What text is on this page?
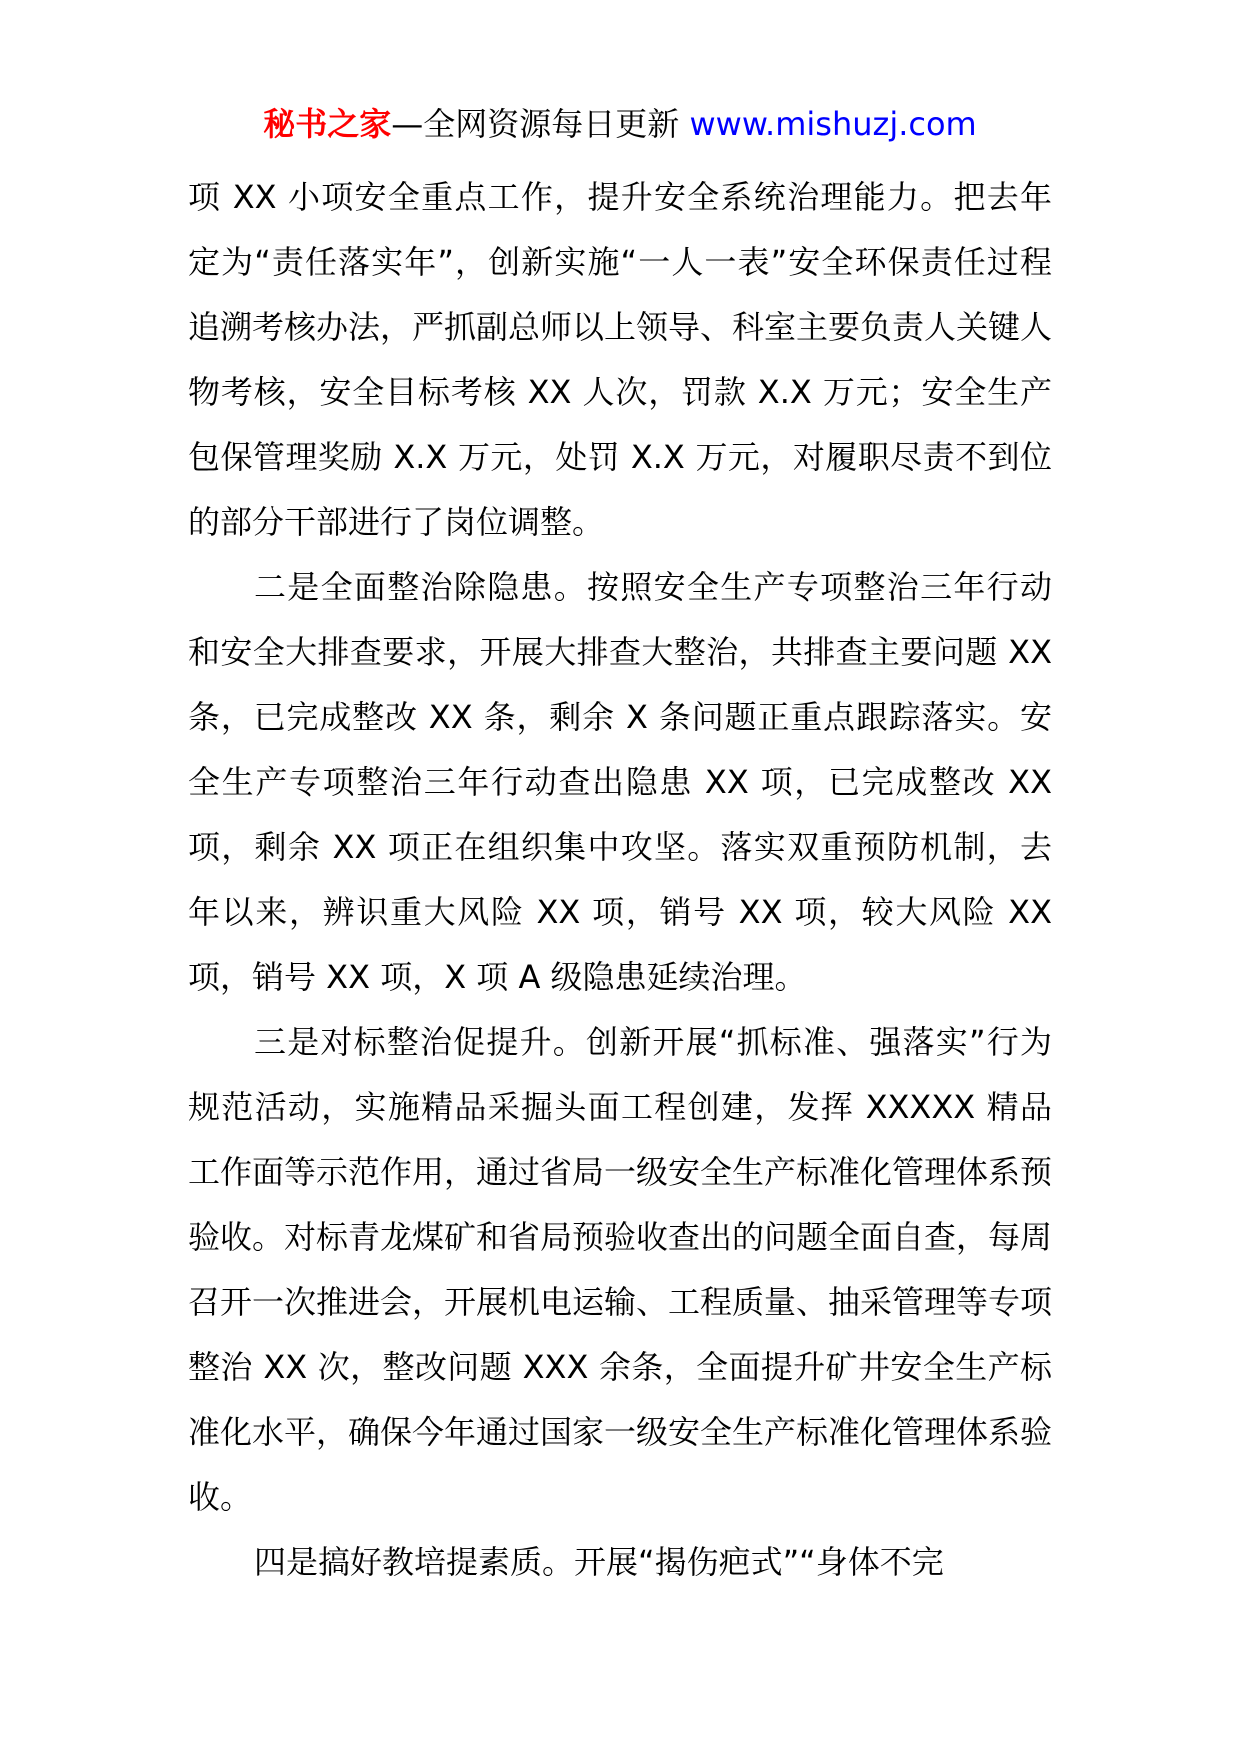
秘书之家—全网资源每日更新 www.mishuzj.com

项 XX 小项安全重点工作，提升安全系统治理能力。把去年定为“责任落实年”，创新实施“一人一表”安全环保责任过程追溯考核办法，严抓副总师以上领导、科室主要负责人关键人物考核，安全目标考核 XX 人次，罚款 X.X 万元；安全生产包保管理奖励 X.X 万元，处罚 X.X 万元，对履职尽责不到位的部分干部进行了岗位调整。

二是全面整治除隐患。按照安全生产专项整治三年行动和安全大排查要求，开展大排查大整治，共排查主要问题 XX 条，已完成整改 XX 条，剩余 X 条问题正重点跟踪落实。安全生产专项整治三年行动查出隐患 XX 项，已完成整改 XX 项，剩余 XX 项正在组织集中攻坚。落实双重预防机制，去年以来，辨识重大风险 XX 项，销号 XX 项，较大风险 XX 项，销号 XX 项，X 项 A 级隐患延续治理。

三是对标整治促提升。创新开展“抓标准、强落实”行为规范活动，实施精品采掘头面工程创建，发挥 XXXXX 精品工作面等示范作用，通过省局一级安全生产标准化管理体系预验收。对标青龙煤矿和省局预验收查出的问题全面自查，每周召开一次推进会，开展机电运输、工程质量、抽采管理等专项整治 XX 次，整改问题 XXX 余条，全面提升矿井安全生产标准化水平，确保今年通过国家一级安全生产标准化管理体系验收。

四是搞好教培提素质。开展“揭伤疤式”“身体不完
